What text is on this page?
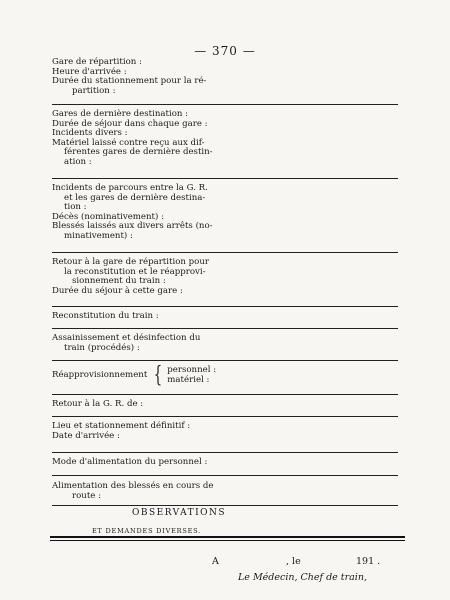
— 370 —
Gare de répartition :
Heure d'arrivée :
Durée du stationnement pour la ré-
partition :
Gares de dernière destination :
Durée de séjour dans chaque gare :
Incidents divers :
Matériel laissé contre reçu aux dif-
férentes gares de dernière destin-
ation :
Incidents de parcours entre la G. R.
et les gares de dernière destina-
tion :
Décès (nominativement) :
Blessés laissés aux divers arrêts (no-
minativement) :
Retour à la gare de répartition pour
la reconstitution et le réapprovi-
sionnement du train :
Durée du séjour à cette gare :
Reconstitution du train :
Assainissement et désinfection du
train (procédés) :
Réapprovisionnement { personnel :
matériel :
Retour à la G. R. de :
Lieu et stationnement définitif :
Date d'arrivée :
Mode d'alimentation du personnel :
Alimentation des blessés en cours de
route :
OBSERVATIONS
ET DEMANDES DIVERSES.
A	, le	191 .
Le Médecin, Chef de train,
